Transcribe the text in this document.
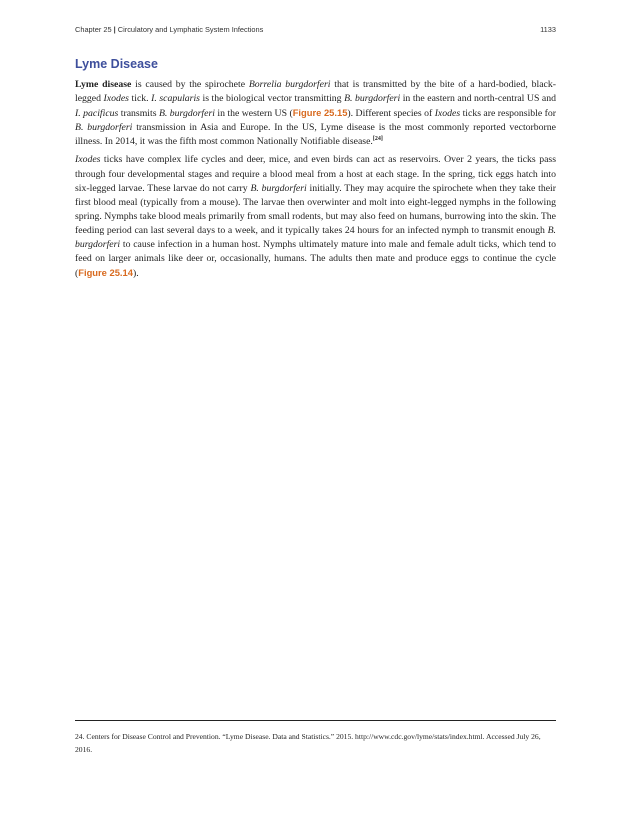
Chapter 25 | Circulatory and Lymphatic System Infections	1133
Lyme Disease

Lyme disease is caused by the spirochete Borrelia burgdorferi that is transmitted by the bite of a hard-bodied, black-legged Ixodes tick. I. scapularis is the biological vector transmitting B. burgdorferi in the eastern and north-central US and I. pacificus transmits B. burgdorferi in the western US (Figure 25.15). Different species of Ixodes ticks are responsible for B. burgdorferi transmission in Asia and Europe. In the US, Lyme disease is the most commonly reported vectorborne illness. In 2014, it was the fifth most common Nationally Notifiable disease.[24]

Ixodes ticks have complex life cycles and deer, mice, and even birds can act as reservoirs. Over 2 years, the ticks pass through four developmental stages and require a blood meal from a host at each stage. In the spring, tick eggs hatch into six-legged larvae. These larvae do not carry B. burgdorferi initially. They may acquire the spirochete when they take their first blood meal (typically from a mouse). The larvae then overwinter and molt into eight-legged nymphs in the following spring. Nymphs take blood meals primarily from small rodents, but may also feed on humans, burrowing into the skin. The feeding period can last several days to a week, and it typically takes 24 hours for an infected nymph to transmit enough B. burgdorferi to cause infection in a human host. Nymphs ultimately mature into male and female adult ticks, which tend to feed on larger animals like deer or, occasionally, humans. The adults then mate and produce eggs to continue the cycle (Figure 25.14).

24. Centers for Disease Control and Prevention. “Lyme Disease. Data and Statistics.” 2015. http://www.cdc.gov/lyme/stats/index.html. Accessed July 26, 2016.
